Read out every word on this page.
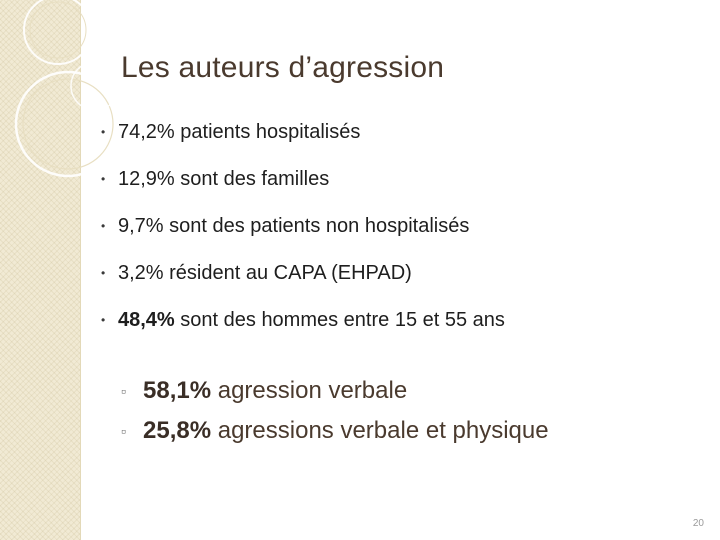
Les auteurs d’agression
• 74,2% patients hospitalisés
• 12,9% sont des familles
• 9,7% sont des patients non hospitalisés
• 3,2% résident au CAPA (EHPAD)
• 48,4% sont des hommes entre 15 et 55 ans
▫ 58,1% agression verbale
▫ 25,8% agressions verbale et physique
20
